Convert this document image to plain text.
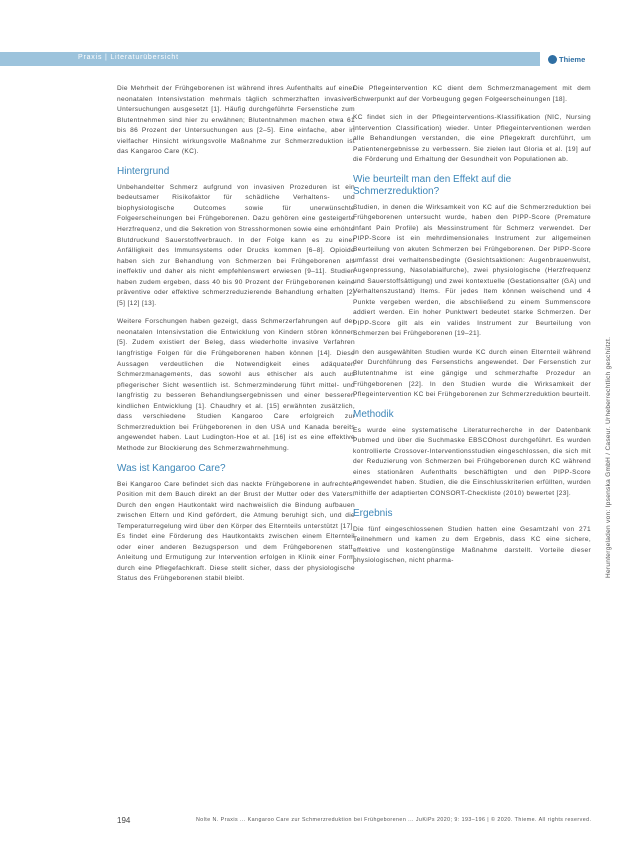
Praxis | Literaturübersicht	Thieme

Die Mehrheit der Frühgeborenen ist während ihres Aufenthalts auf einer neonatalen Intensivstation mehrmals täglich schmerzhaften invasiven Untersuchungen ausgesetzt [1]. Häufig durchgeführte Fersenstiche zum Blutentnehmen sind hier zu erwähnen; Blutentnahmen machen etwa 61 bis 86 Prozent der Untersuchungen aus [2–5]. Eine einfache, aber in vielfacher Hinsicht wirkungsvolle Maßnahme zur Schmerzreduktion ist das Kangaroo Care (KC).

Hintergrund

Unbehandelter Schmerz aufgrund von invasiven Prozeduren ist ein bedeutsamer Risikofaktor für schädliche Verhaltens- und biophysiologische Outcomes sowie für unerwünschte Folgeerscheinungen bei Frühgeborenen. Dazu gehören eine gesteigerte Herzfrequenz, und die Sekretion von Stresshormonen sowie eine erhöhte Blutdruckund Sauerstoffverbrauch. In der Folge kann es zu einer Anfälligkeit des Immunsystems oder Drucks kommen [6–8]. Opioide haben sich zur Behandlung von Schmerzen bei Frühgeborenen als ineffektiv und daher als nicht empfehlenswert erwiesen [9–11]. Studien haben zudem ergeben, dass 40 bis 90 Prozent der Frühgeborenen keine präventive oder effektive schmerzreduzierende Behandlung erhalten [2] [5] [12] [13].

Weitere Forschungen haben gezeigt, dass Schmerzerfahrungen auf der neonatalen Intensivstation die Entwicklung von Kindern stören können [5]. Zudem existiert der Beleg, dass wiederholte invasive Verfahren langfristige Folgen für die Frühgeborenen haben können [14]. Diese Aussagen verdeutlichen die Notwendigkeit eines adäquaten Schmerzmanagements, das sowohl aus ethischer als auch aus pflegerischer Sicht wesentlich ist. Schmerzminderung führt mittel- und langfristig zu besseren Behandlungsergebnissen und einer besseren kindlichen Entwicklung [1]. Chaudhry et al. [15] erwähnten zusätzlich, dass verschiedene Studien Kangaroo Care erfolgreich zur Schmerzreduktion bei Frühgeborenen in den USA und Kanada bereits angewendet haben. Laut Ludington-Hoe et al. [16] ist es eine effektive Methode zur Blockierung des Schmerzwahrnehmung.

Was ist Kangaroo Care?

Bei Kangaroo Care befindet sich das nackte Frühgeborene in aufrechter Position mit dem Bauch direkt an der Brust der Mutter oder des Vaters. Durch den engen Hautkontakt wird nachweislich die Bindung aufbauen zwischen Eltern und Kind gefördert, die Atmung beruhigt sich, und die Temperaturregelung wird über den Körper des Elternteils unterstützt [17]. Es findet eine Förderung des Hautkontakts zwischen einem Elternteil oder einer anderen Bezugsperson und dem Frühgeborenen statt. Anleitung und Ermutigung zur Intervention erfolgen in Klinik einer Form durch eine Pflegefachkraft. Diese stellt sicher, dass der physiologische Status des Frühgeborenen stabil bleibt.

Die Pflegeintervention KC dient dem Schmerzmanagement mit dem Schwerpunkt auf der Vorbeugung gegen Folgeerscheinungen [18].

KC findet sich in der Pflegeinterventions-Klassifikation (NIC, Nursing Intervention Classification) wieder. Unter Pflegeinterventionen werden alle Behandlungen verstanden, die eine Pflegekraft durchführt, um Patientenergebnisse zu verbessern. Sie zielen laut Gloria et al. [19] auf die Förderung und Erhaltung der Gesundheit von Populationen ab.

Wie beurteilt man den Effekt auf die Schmerzreduktion?

Studien, in denen die Wirksamkeit von KC auf die Schmerzreduktion bei Frühgeborenen untersucht wurde, haben den PIPP-Score (Premature Infant Pain Profile) als Messinstrument für Schmerz verwendet. Der PIPP-Score ist ein mehrdimensionales Instrument zur allgemeinen Beurteilung von akuten Schmerzen bei Frühgeborenen. Der PIPP-Score umfasst drei verhaltensbedingte (Gesichtsaktionen: Augenbrauenwulst, Augenpressung, Nasolabialfurche), zwei physiologische (Herzfrequenz und Sauerstoffsättigung) und zwei kontextuelle (Gestationsalter (GA) und Verhaltenszustand) Items. Für jedes Item können weischend und 4 Punkte vergeben werden, die abschließend zu einem Summenscore addiert werden. Ein hoher Punktwert bedeutet starke Schmerzen. Der PIPP-Score gilt als ein valides Instrument zur Beurteilung von Schmerzen bei Frühgeborenen [19–21].

In den ausgewählten Studien wurde KC durch einen Elternteil während der Durchführung des Fersenstichs angewendet. Der Fersenstich zur Blutentnahme ist eine gängige und schmerzhafte Prozedur an Frühgeborenen [22]. In den Studien wurde die Wirksamkeit der Pflegeintervention KC bei Frühgeborenen zur Schmerzreduktion beurteilt.

Methodik

Es wurde eine systematische Literaturrecherche in der Datenbank Pubmed und über die Suchmaske EBSCOhost durchgeführt. Es wurden kontrollierte Crossover-Interventionsstudien eingeschlossen, die sich mit der Reduzierung von Schmerzen bei Frühgeborenen durch KC während eines stationären Aufenthalts beschäftigten und den PIPP-Score angewendet haben. Studien, die die Einschlusskriterien erfüllten, wurden mithilfe der adaptierten CONSORT-Checkliste (2010) bewertet [23].

Ergebnis

Die fünf eingeschlossenen Studien hatten eine Gesamtzahl von 271 Teilnehmern und kamen zu dem Ergebnis, dass KC eine sichere, effektive und kostengünstige Maßnahme darstellt. Vorteile dieser physiologischen, nicht pharma-	Heruntergeladen von: Ipsenska GmbH / Caseur. Urheberrechtlich geschützt.
194	Nolte N. Praxis ... Kangaroo Care zur Schmerzreduktion bei Frühgeborenen ... JuKiPs 2020; 9: 193–196 | © 2020. Thieme. All rights reserved.
